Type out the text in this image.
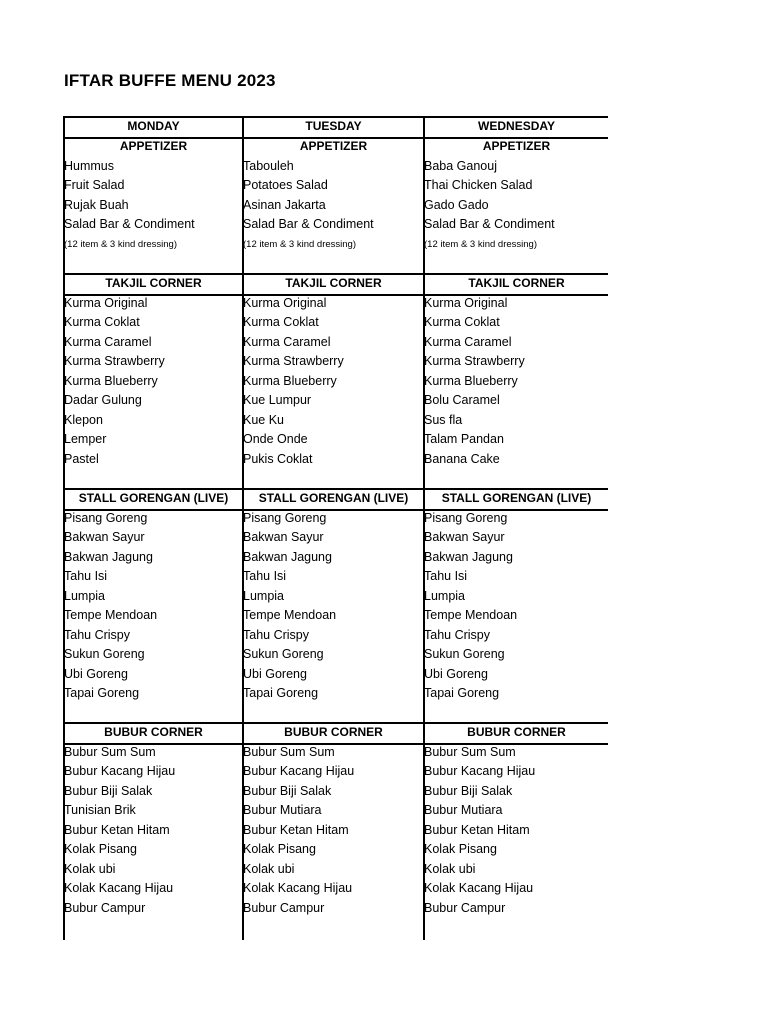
IFTAR BUFFE MENU 2023
MONDAY
APPETIZER
Hummus
Fruit Salad
Rujak Buah
Salad Bar & Condiment
(12 item & 3 kind dressing)
TAKJIL CORNER
Kurma Original
Kurma Coklat
Kurma Caramel
Kurma Strawberry
Kurma Blueberry
Dadar Gulung
Klepon
Lemper
Pastel
STALL GORENGAN (LIVE)
Pisang Goreng
Bakwan Sayur
Bakwan Jagung
Tahu Isi
Lumpia
Tempe Mendoan
Tahu Crispy
Sukun Goreng
Ubi Goreng
Tapai Goreng
BUBUR CORNER
Bubur Sum Sum
Bubur Kacang Hijau
Bubur Biji Salak
Tunisian Brik
Bubur Ketan Hitam
Kolak Pisang
Kolak ubi
Kolak Kacang Hijau
Bubur Campur
TUESDAY
APPETIZER
Tabouleh
Potatoes Salad
Asinan Jakarta
Salad Bar & Condiment
(12 item & 3 kind dressing)
TAKJIL CORNER
Kurma Original
Kurma Coklat
Kurma Caramel
Kurma Strawberry
Kurma Blueberry
Kue Lumpur
Kue Ku
Onde Onde
Pukis Coklat
STALL GORENGAN (LIVE)
Pisang Goreng
Bakwan Sayur
Bakwan Jagung
Tahu Isi
Lumpia
Tempe Mendoan
Tahu Crispy
Sukun Goreng
Ubi Goreng
Tapai Goreng
BUBUR CORNER
Bubur Sum Sum
Bubur Kacang Hijau
Bubur Biji Salak
Bubur Mutiara
Bubur Ketan Hitam
Kolak Pisang
Kolak ubi
Kolak Kacang Hijau
Bubur Campur
WEDNESDAY
APPETIZER
Baba Ganouj
Thai Chicken Salad
Gado Gado
Salad Bar & Condiment
(12 item & 3 kind dressing)
TAKJIL CORNER
Kurma Original
Kurma Coklat
Kurma Caramel
Kurma Strawberry
Kurma Blueberry
Bolu Caramel
Sus fla
Talam Pandan
Banana Cake
STALL GORENGAN (LIVE)
Pisang Goreng
Bakwan Sayur
Bakwan Jagung
Tahu Isi
Lumpia
Tempe Mendoan
Tahu Crispy
Sukun Goreng
Ubi Goreng
Tapai Goreng
BUBUR CORNER
Bubur Sum Sum
Bubur Kacang Hijau
Bubur Biji Salak
Bubur Mutiara
Bubur Ketan Hitam
Kolak Pisang
Kolak ubi
Kolak Kacang Hijau
Bubur Campur
